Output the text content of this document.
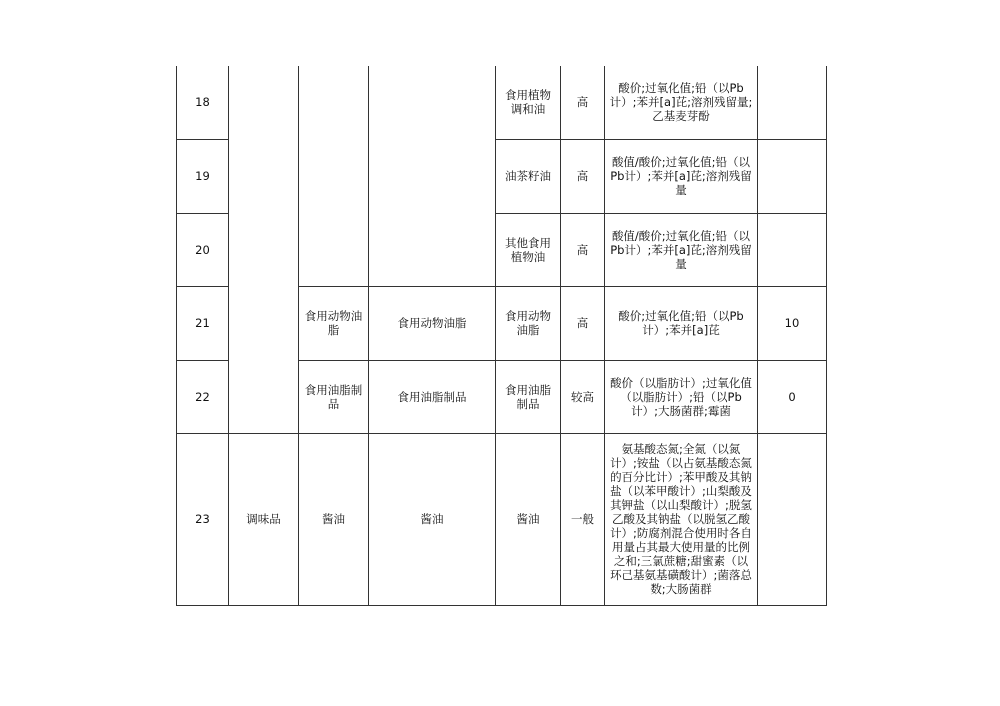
18				食用植物调和油	高	酸价;过氧化值;铅（以Pb计）;苯并[a]芘;溶剂残留量;乙基麦芽酚	
19				油茶籽油	高	酸值/酸价;过氧化值;铅（以Pb计）;苯并[a]芘;溶剂残留量	
20				其他食用植物油	高	酸值/酸价;过氧化值;铅（以Pb计）;苯并[a]芘;溶剂残留量	
21		食用动物油脂	食用动物油脂	食用动物油脂	高	酸价;过氧化值;铅（以Pb计）;苯并[a]芘	10
22		食用油脂制品	食用油脂制品	食用油脂制品	较高	酸价（以脂肪计）;过氧化值（以脂肪计）;铅（以Pb计）;大肠菌群;霉菌	0
23	调味品	酱油	酱油	酱油	一般	氨基酸态氮;全氮（以氮计）;铵盐（以占氨基酸态氮的百分比计）;苯甲酸及其钠盐（以苯甲酸计）;山梨酸及其钾盐（以山梨酸计）;脱氢乙酸及其钠盐（以脱氢乙酸计）;防腐剂混合使用时各自用量占其最大使用量的比例之和;三氯蔗糖;甜蜜素（以环己基氨基磺酸计）;菌落总数;大肠菌群	
